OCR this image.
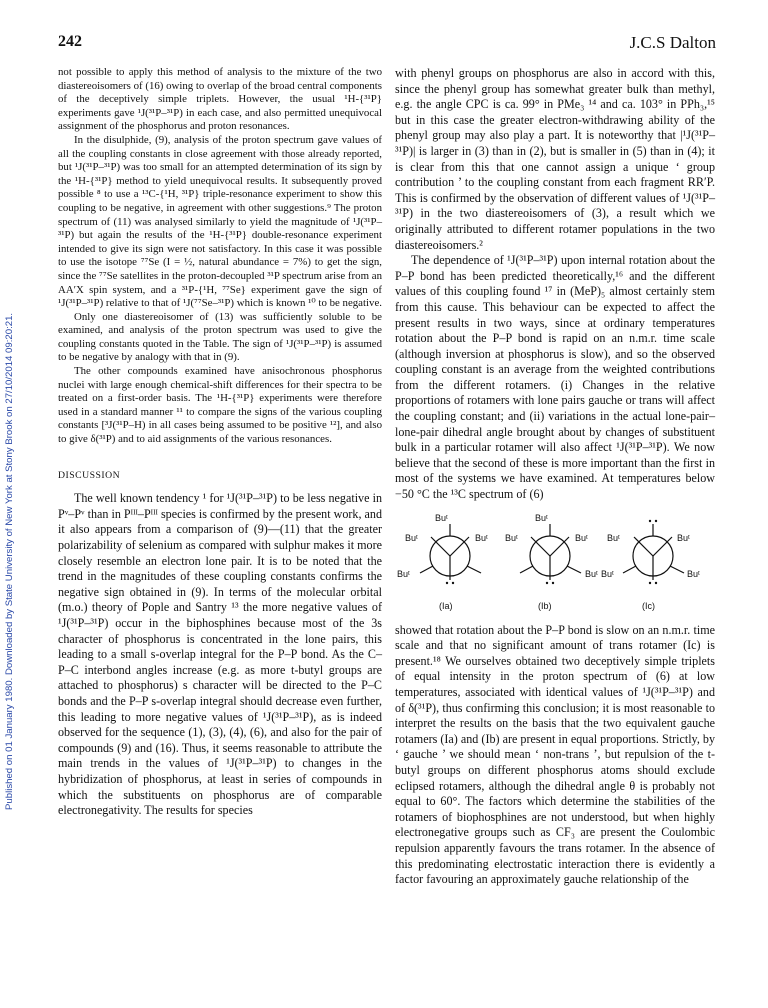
Published on 01 January 1980. Downloaded by State University of New York at Stony Brook on 27/10/2014 09:20:21.
242	J.C.S Dalton

not possible to apply this method of analysis to the mixture of the two diastereoisomers of (16) owing to overlap of the broad central components of the deceptively simple triplets. However, the usual ¹H-{³¹P} experiments gave ¹J(³¹P–³¹P) in each case, and also permitted unequivocal assignment of the phosphorus and proton resonances.

In the disulphide, (9), analysis of the proton spectrum gave values of all the coupling constants in close agreement with those already reported, but ¹J(³¹P–³¹P) was too small for an attempted determination of its sign by the ¹H-{³¹P} method to yield unequivocal results. It subsequently proved possible ⁸ to use a ¹³C-{¹H, ³¹P} triple-resonance experiment to show this coupling to be negative, in agreement with other suggestions.⁹ The proton spectrum of (11) was analysed similarly to yield the magnitude of ¹J(³¹P–³¹P) but again the results of the ¹H-{³¹P} double-resonance experiment intended to give its sign were not satisfactory. In this case it was possible to use the isotope ⁷⁷Se (I = ½, natural abundance = 7%) to get the sign, since the ⁷⁷Se satellites in the proton-decoupled ³¹P spectrum arise from an AA′X spin system, and a ³¹P-{¹H, ⁷⁷Se} experiment gave the sign of ¹J(³¹P–³¹P) relative to that of ¹J(⁷⁷Se–³¹P) which is known ¹⁰ to be negative.

Only one diastereoisomer of (13) was sufficiently soluble to be examined, and analysis of the proton spectrum was used to give the coupling constants quoted in the Table. The sign of ¹J(³¹P–³¹P) is assumed to be negative by analogy with that in (9).

The other compounds examined have anisochronous phosphorus nuclei with large enough chemical-shift differences for their spectra to be treated on a first-order basis. The ¹H-{³¹P} experiments were therefore used in a standard manner ¹¹ to compare the signs of the various coupling constants [³J(³¹P–H) in all cases being assumed to be positive ¹²], and also to give δ(³¹P) and to aid assignments of the various resonances.

DISCUSSION

The well known tendency ¹ for ¹J(³¹P–³¹P) to be less negative in Pᵛ–Pᵛ than in Pᴵᴵᴵ–Pᴵᴵᴵ species is confirmed by the present work, and it also appears from a comparison of (9)—(11) that the greater polarizability of selenium as compared with sulphur makes it more closely resemble an electron lone pair. It is to be noted that the trend in the magnitudes of these coupling constants confirms the negative sign obtained in (9). In terms of the molecular orbital (m.o.) theory of Pople and Santry ¹³ the more negative values of ¹J(³¹P–³¹P) occur in the biphosphines because most of the 3s character of phosphorus is concentrated in the lone pairs, this leading to a small s-overlap integral for the P–P bond. As the C–P–C interbond angles increase (e.g. as more t-butyl groups are attached to phosphorus) s character will be directed to the P–C bonds and the P–P s-overlap integral should decrease even further, this leading to more negative values of ¹J(³¹P–³¹P), as is indeed observed for the sequence (1), (3), (4), (6), and also for the pair of compounds (9) and (16). Thus, it seems reasonable to attribute the main trends in the values of ¹J(³¹P–³¹P) to changes in the hybridization of phosphorus, at least in series of compounds in which the substituents on phosphorus are of comparable electronegativity. The results for species

with phenyl groups on phosphorus are also in accord with this, since the phenyl group has somewhat greater bulk than methyl, e.g. the angle CPC is ca. 99° in PMe₃ ¹⁴ and ca. 103° in PPh₃,¹⁵ but in this case the greater electron-withdrawing ability of the phenyl group may also play a part. It is noteworthy that |¹J(³¹P–³¹P)| is larger in (3) than in (2), but is smaller in (5) than in (4); it is clear from this that one cannot assign a unique ‘ group contribution ’ to the coupling constant from each fragment RR′P. This is confirmed by the observation of different values of ¹J(³¹P–³¹P) in the two diastereoisomers of (3), a result which we originally attributed to different rotamer populations in the two diastereoisomers.²

The dependence of ¹J(³¹P–³¹P) upon internal rotation about the P–P bond has been predicted theoretically,¹⁶ and the different values of this coupling found ¹⁷ in (MeP)₅ almost certainly stem from this cause. This behaviour can be expected to affect the present results in two ways, since at ordinary temperatures rotation about the P–P bond is rapid on an n.m.r. time scale (although inversion at phosphorus is slow), and so the observed coupling constant is an average from the weighted contributions from the different rotamers. (i) Changes in the relative proportions of rotamers with lone pairs gauche or trans will affect the coupling constant; and (ii) variations in the actual lone-pair–lone-pair dihedral angle brought about by changes of substituent bulk in a particular rotamer will also affect ¹J(³¹P–³¹P). We now believe that the second of these is more important than the first in most of the systems we have examined. At temperatures below −50 °C the ¹³C spectrum of (6)

Buᵗ
Buᵗ	Buᵗ
Buᵗ
Buᵗ
Buᵗ	Buᵗ
Buᵗ
Buᵗ	Buᵗ
Buᵗ	Buᵗ
(Ia)	(Ib)	(Ic)

showed that rotation about the P–P bond is slow on an n.m.r. time scale and that no significant amount of trans rotamer (Ic) is present.¹⁸ We ourselves obtained two deceptively simple triplets of equal intensity in the proton spectrum of (6) at low temperatures, associated with identical values of ¹J(³¹P–³¹P) and of δ(³¹P), thus confirming this conclusion; it is most reasonable to interpret the results on the basis that the two equivalent gauche rotamers (Ia) and (Ib) are present in equal proportions. Strictly, by ‘ gauche ’ we should mean ‘ non-trans ’, but repulsion of the t-butyl groups on different phosphorus atoms should exclude eclipsed rotamers, although the dihedral angle θ is probably not equal to 60°. The factors which determine the stabilities of the rotamers of biophosphines are not understood, but when highly electronegative groups such as CF₃ are present the Coulombic repulsion apparently favours the trans rotamer. In the absence of this predominating electrostatic interaction there is evidently a factor favouring an approximately gauche relationship of the
